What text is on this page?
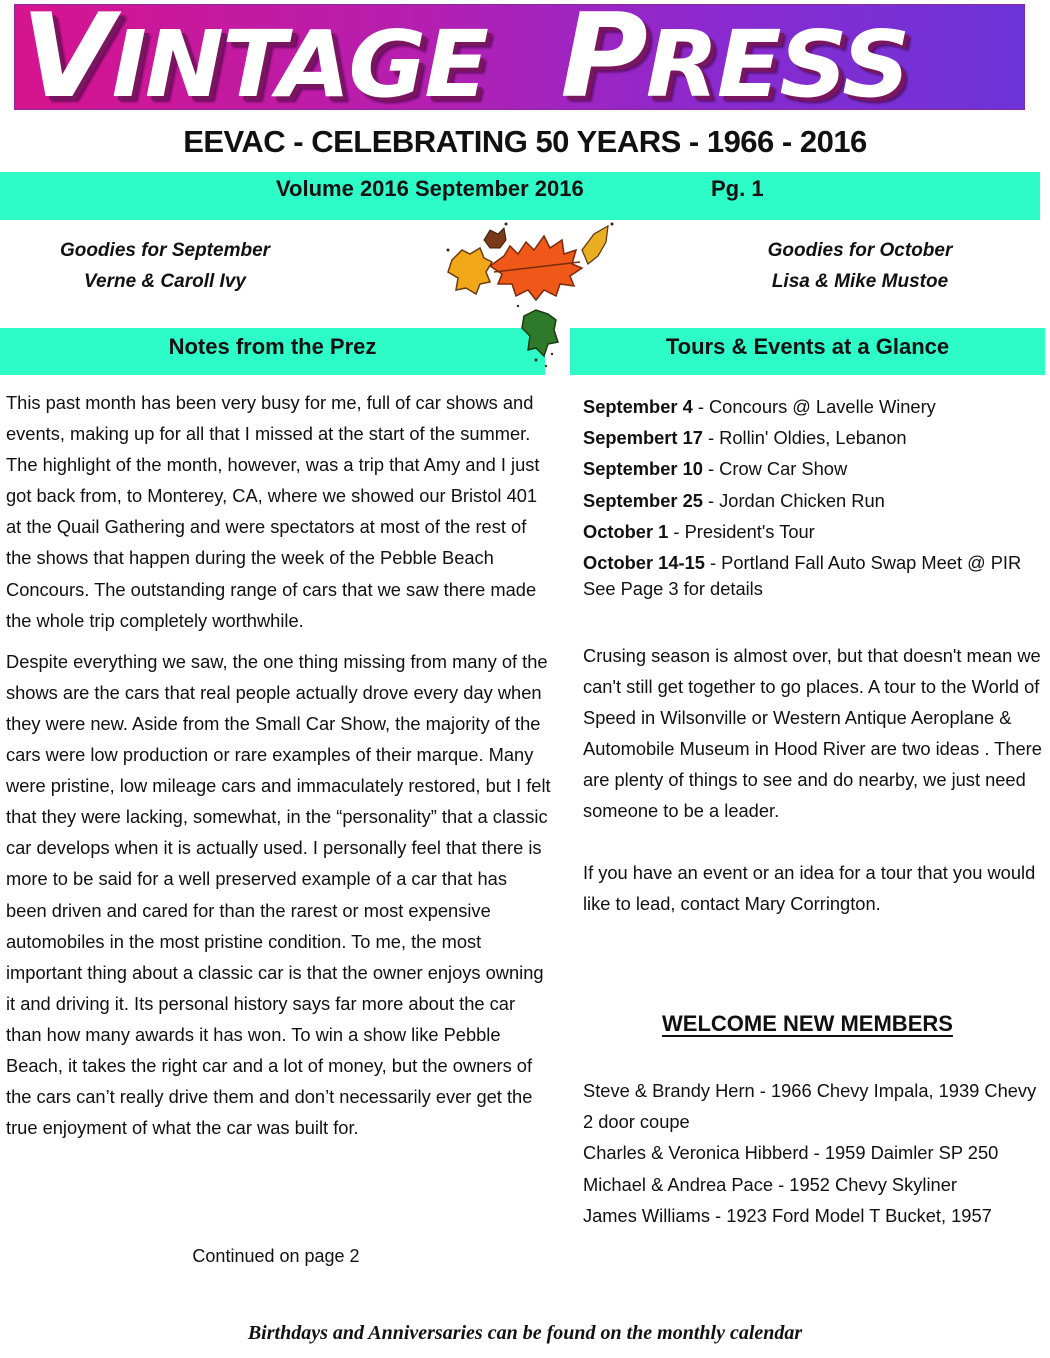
VINTAGE PRESS
EEVAC - CELEBRATING 50 YEARS - 1966 - 2016
Volume 2016 September 2016	Pg. 1
Goodies for September
Verne & Caroll Ivy
Goodies for October
Lisa & Mike Mustoe
Notes from the Prez	Tours & Events at a Glance

This past month has been very busy for me, full of car shows and events, making up for all that I missed at the start of the summer. The highlight of the month, however, was a trip that Amy and I just got back from, to Monterey, CA, where we showed our Bristol 401 at the Quail Gathering and were spectators at most of the rest of the shows that happen during the week of the Pebble Beach Concours. The outstanding range of cars that we saw there made the whole trip completely worthwhile.

Despite everything we saw, the one thing missing from many of the shows are the cars that real people actually drove every day when they were new. Aside from the Small Car Show, the majority of the cars were low production or rare examples of their marque. Many were pristine, low mileage cars and immaculately restored, but I felt that they were lacking, somewhat, in the “personality” that a classic car develops when it is actually used. I personally feel that there is more to be said for a well preserved example of a car that has been driven and cared for than the rarest or most expensive automobiles in the most pristine condition. To me, the most important thing about a classic car is that the owner enjoys owning it and driving it. Its personal history says far more about the car than how many awards it has won. To win a show like Pebble Beach, it takes the right car and a lot of money, but the owners of the cars can’t really drive them and don’t necessarily ever get the true enjoyment of what the car was built for.

Continued on page 2
September 4 - Concours @ Lavelle Winery
Sepembert 17 - Rollin' Oldies, Lebanon
September 10 - Crow Car Show
September 25 - Jordan Chicken Run
October 1 - President's Tour
October 14-15 - Portland Fall Auto Swap Meet @ PIR
See Page 3 for details
Crusing season is almost over, but that doesn't mean we can't still get together to go places. A tour to the World of Speed in Wilsonville or Western Antique Aeroplane & Automobile Museum in Hood River are two ideas . There are plenty of things to see and do nearby, we just need someone to be a leader.
If you have an event or an idea for a tour that you would like to lead, contact Mary Corrington.
WELCOME NEW MEMBERS
Steve & Brandy Hern - 1966 Chevy Impala, 1939 Chevy 2 door coupe
Charles & Veronica Hibberd - 1959 Daimler SP 250
Michael & Andrea Pace - 1952 Chevy Skyliner
James Williams - 1923 Ford Model T Bucket, 1957
Birthdays and Anniversaries can be found on the monthly calendar
